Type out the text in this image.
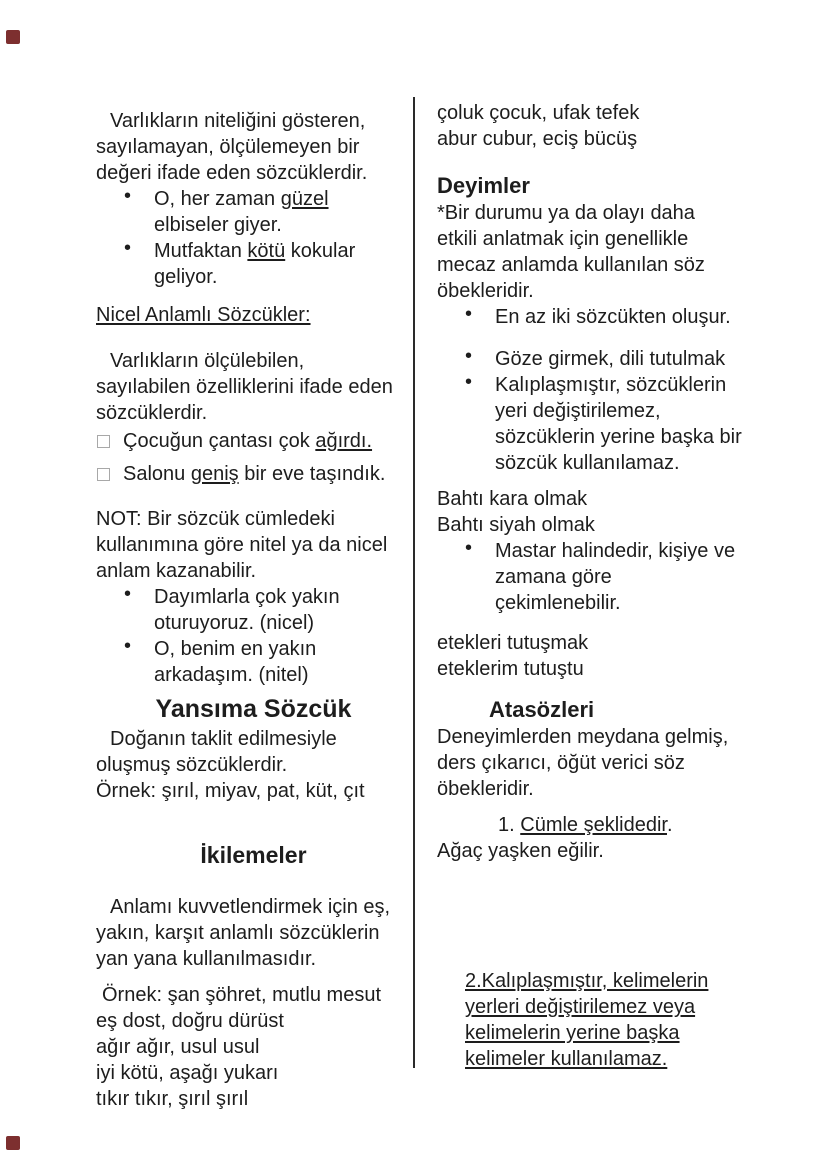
Varlıkların niteliğini gösteren,
sayılamayan, ölçülemeyen bir
değeri ifade eden sözcüklerdir.
• O, her zaman güzel
elbiseler giyer.
• Mutfaktan kötü kokular
geliyor.
Nicel Anlamlı Sözcükler:
Varlıkların ölçülebilen,
sayılabilen özelliklerini ifade eden
sözcüklerdir.
Çocuğun çantası çok ağırdı.
Salonu geniş bir eve taşındık.
NOT: Bir sözcük cümledeki
kullanımına göre nitel ya da nicel
anlam kazanabilir.
• Dayımlarla çok yakın
oturuyoruz. (nicel)
• O, benim en yakın
arkadaşım. (nitel)
Yansıma Sözcük
Doğanın taklit edilmesiyle
oluşmuş sözcüklerdir.
Örnek: şırıl, miyav, pat, küt, çıt
İkilemeler
Anlamı kuvvetlendirmek için eş,
yakın, karşıt anlamlı sözcüklerin
yan yana kullanılmasıdır.
Örnek: şan şöhret, mutlu mesut
eş dost, doğru dürüst
ağır ağır, usul usul
iyi kötü, aşağı yukarı
tıkır tıkır, şırıl şırıl
çoluk çocuk, ufak tefek
abur cubur, eciş bücüş
Deyimler
*Bir durumu ya da olayı daha
etkili anlatmak için genellikle
mecaz anlamda kullanılan söz
öbekleridir.
• En az iki sözcükten oluşur.
• Göze girmek, dili tutulmak
• Kalıplaşmıştır, sözcüklerin
yeri değiştirilemez,
sözcüklerin yerine başka bir
sözcük kullanılamaz.
Bahtı kara olmak
Bahtı siyah olmak
• Mastar halindedir, kişiye ve
zamana göre
çekimlenebilir.
etekleri tutuşmak
eteklerim tutuştu
Atasözleri
Deneyimlerden meydana gelmiş,
ders çıkarıcı, öğüt verici söz
öbekleridir.
1. Cümle şeklidedir.
Ağaç yaşken eğilir.
2.Kalıplaşmıştır, kelimelerin
yerleri değiştirilemez veya
kelimelerin yerine başka
kelimeler kullanılamaz.
